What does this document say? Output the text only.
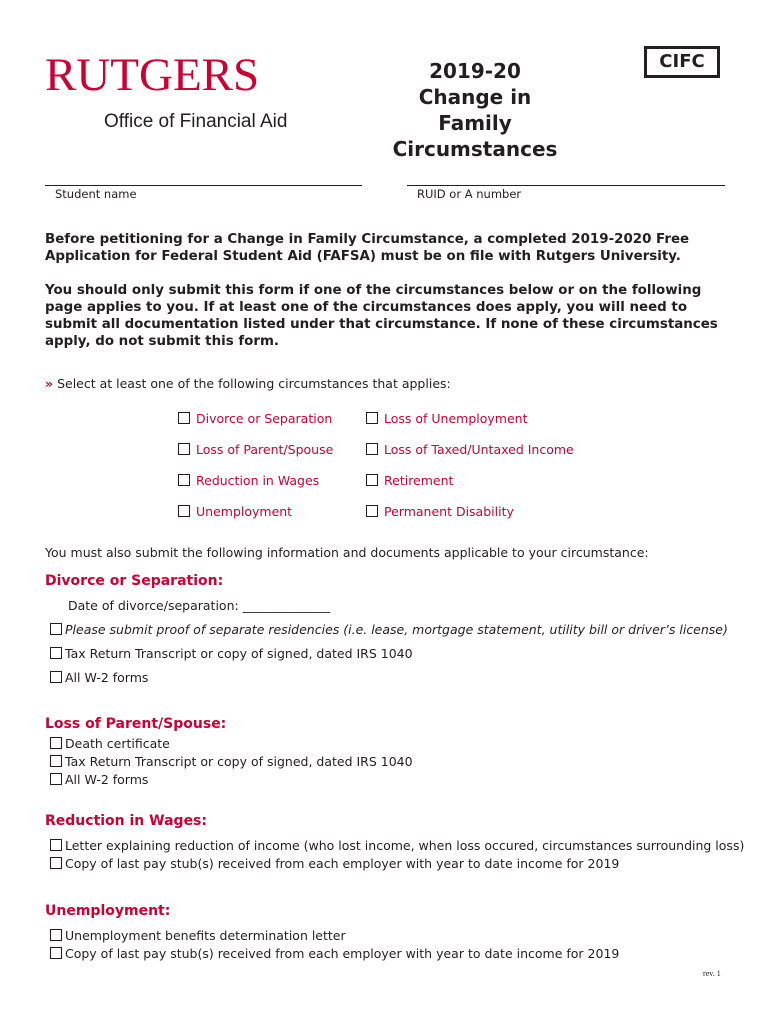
RUTGERS
Office of Financial Aid
2019-20
Change in Family
Circumstances
CIFC
Student name	RUID or A number
Before petitioning for a Change in Family Circumstance, a completed 2019-2020 Free Application for Federal Student Aid (FAFSA) must be on file with Rutgers University.
You should only submit this form if one of the circumstances below or on the following page applies to you. If at least one of the circumstances does apply, you will need to submit all documentation listed under that circumstance. If none of these circumstances apply, do not submit this form.
» Select at least one of the following circumstances that applies:
Divorce or Separation
Loss of Parent/Spouse
Reduction in Wages
Unemployment
Loss of Unemployment
Loss of Taxed/Untaxed Income
Retirement
Permanent Disability
You must also submit the following information and documents applicable to your circumstance:
Divorce or Separation:
Date of divorce/separation: ______________
Please submit proof of separate residencies (i.e. lease, mortgage statement, utility bill or driver’s license)
Tax Return Transcript or copy of signed, dated IRS 1040
All W-2 forms
Loss of Parent/Spouse:
Death certificate
Tax Return Transcript or copy of signed, dated IRS 1040
All W-2 forms
Reduction in Wages:
Letter explaining reduction of income (who lost income, when loss occured, circumstances surrounding loss)
Copy of last pay stub(s) received from each employer with year to date income for 2019
Unemployment:
Unemployment benefits determination letter
Copy of last pay stub(s) received from each employer with year to date income for 2019
rev. 1
